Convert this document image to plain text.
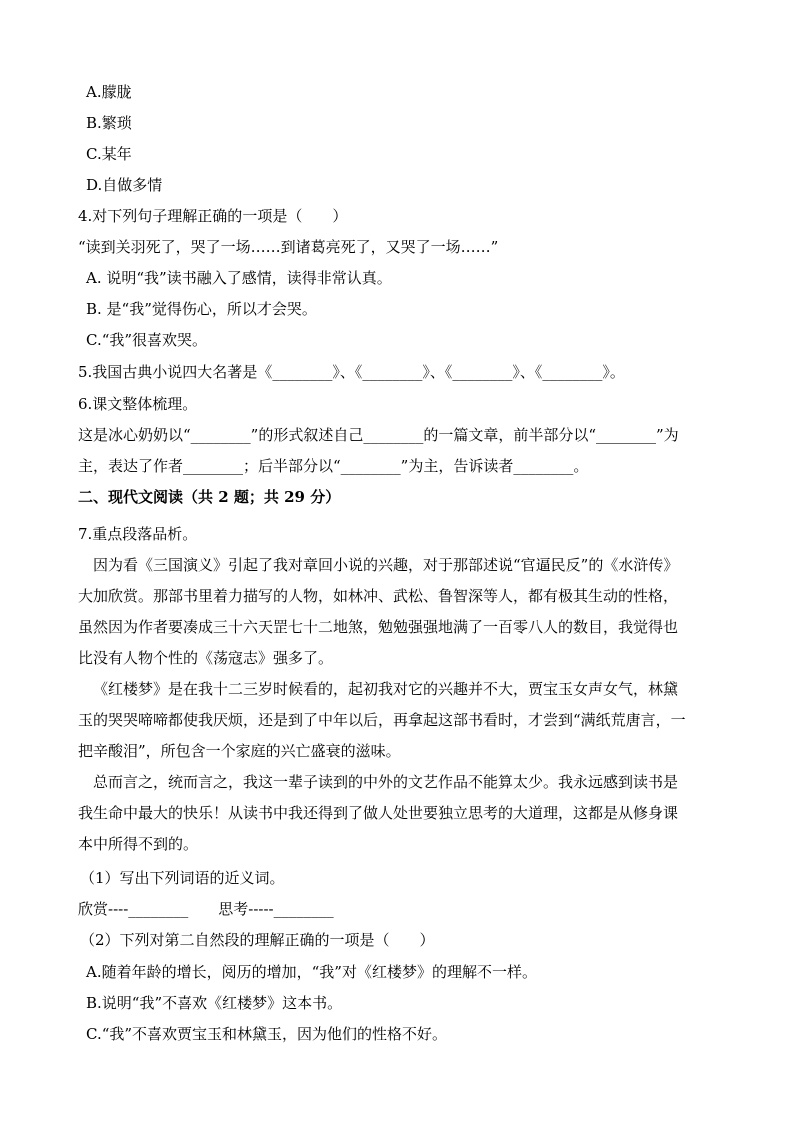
A.朦胧
B.繁琐
C.某年
D.自做多情
4.对下列句子理解正确的一项是（　　）
“读到关羽死了，哭了一场……到诸葛亮死了，又哭了一场……”
A. 说明“我”读书融入了感情，读得非常认真。
B. 是“我”觉得伤心，所以才会哭。
C.“我”很喜欢哭。
5.我国古典小说四大名著是《________》、《________》、《________》、《________》。
6.课文整体梳理。
这是冰心奶奶以“________”的形式叙述自己________的一篇文章，前半部分以“________”为
主，表达了作者________；后半部分以“________”为主，告诉读者________。
二、现代文阅读（共 2 题；共 29 分）
7.重点段落品析。
因为看《三国演义》引起了我对章回小说的兴趣，对于那部述说“官逼民反”的《水浒传》
大加欣赏。那部书里着力描写的人物，如林冲、武松、鲁智深等人，都有极其生动的性格，
虽然因为作者要凑成三十六天罡七十二地煞，勉勉强强地满了一百零八人的数目，我觉得也
比没有人物个性的《荡寇志》强多了。
《红楼梦》是在我十二三岁时候看的，起初我对它的兴趣并不大，贾宝玉女声女气，林黛
玉的哭哭啼啼都使我厌烦，还是到了中年以后，再拿起这部书看时，才尝到“满纸荒唐言，一
把辛酸泪”，所包含一个家庭的兴亡盛衰的滋味。
总而言之，统而言之，我这一辈子读到的中外的文艺作品不能算太少。我永远感到读书是
我生命中最大的快乐！从读书中我还得到了做人处世要独立思考的大道理，这都是从修身课
本中所得不到的。
（1）写出下列词语的近义词。
欣赏----________　　思考-----________
（2）下列对第二自然段的理解正确的一项是（　　）
A.随着年龄的增长，阅历的增加，“我”对《红楼梦》的理解不一样。
B.说明“我”不喜欢《红楼梦》这本书。
C.“我”不喜欢贾宝玉和林黛玉，因为他们的性格不好。
